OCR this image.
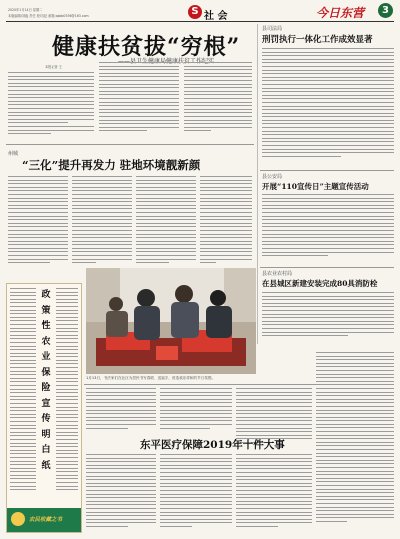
2020年1月14日 星期二
本版编辑/刘毅 责任 校对/赵 邮箱:qsbb0536@163.com	S 社 会	今日东营	3
健康扶贫拔“穷根”
本报记者 王
县司法局
刑罚执行一体化工作成效显著
州城
“三化”提升再发力 驻地环境靓新颜
县公安局
开展“110宣传日”主题宣传活动
县农业农村局
在县城区新建安装完成80具消防栓
1月13日，书法家们在社区为居民书写春联、送福字，营造欢乐祥和的节日氛围。
政
策
性
农
业
保
险
宣
传
明
白
纸
农民收藏之书
东平医疗保障2019年十件大事
